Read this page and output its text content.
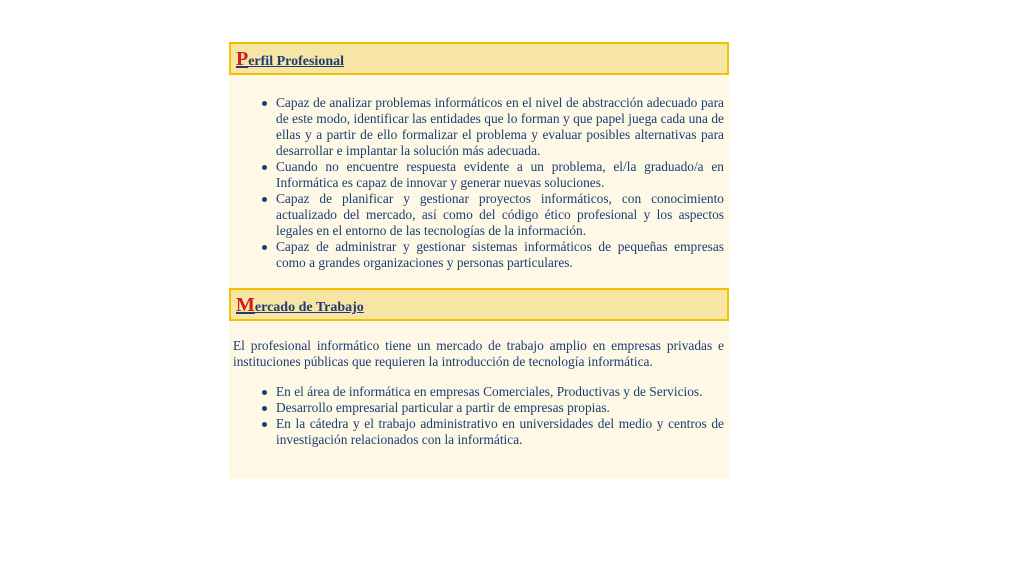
Perfil Profesional
Capaz de analizar problemas informáticos en el nivel de abstracción adecuado para de este modo, identificar las entidades que lo forman y que papel juega cada una de ellas y a partir de ello formalizar el problema y evaluar posibles alternativas para desarrollar e implantar la solución más adecuada.
Cuando no encuentre respuesta evidente a un problema, el/la graduado/a en Informática es capaz de innovar y generar nuevas soluciones.
Capaz de planificar y gestionar proyectos informáticos, con conocimiento actualizado del mercado, así como del código ético profesional y los aspectos legales en el entorno de las tecnologías de la información.
Capaz de administrar y gestionar sistemas informáticos de pequeñas empresas como a grandes organizaciones y personas particulares.
Mercado de Trabajo

El profesional informático tiene un mercado de trabajo amplio en empresas privadas e instituciones públicas que requieren la introducción de tecnología informática.

En el área de informática en empresas Comerciales, Productivas y de Servicios.
Desarrollo empresarial particular a partir de empresas propias.
En la cátedra y el trabajo administrativo en universidades del medio y centros de investigación relacionados con la informática.
